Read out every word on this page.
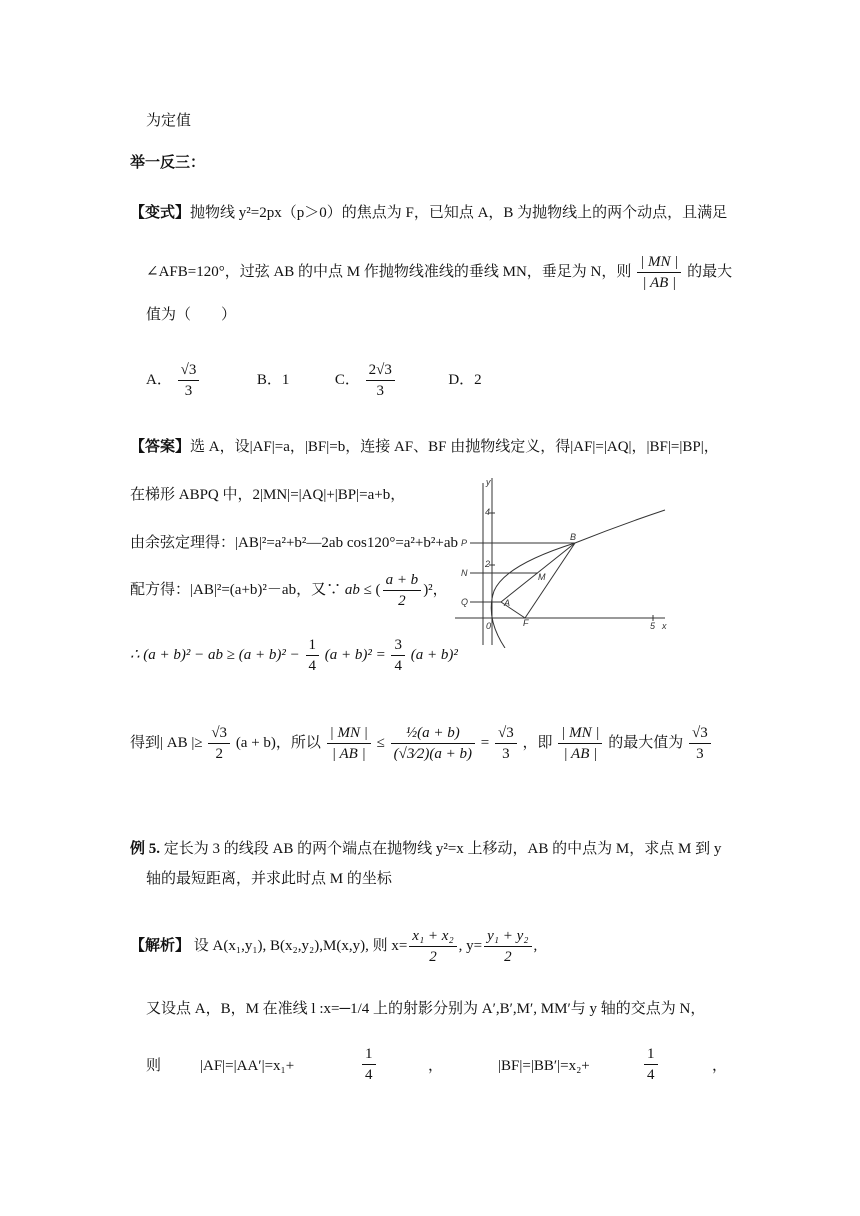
为定值
举一反三：
【变式】抛物线 y²=2px（p＞0）的焦点为 F，已知点 A，B 为抛物线上的两个动点，且满足
∠AFB=120°，过弦 AB 的中点 M 作抛物线准线的垂线 MN，垂足为 N，则 $\frac{| MN |}{| AB |}$ 的最大
值为（　　）
A． $\frac{√3}{3}$	B．1	C． $\frac{2√3}{3}$	D．2
【答案】选 A，设|AF|=a，|BF|=b，连接 AF、BF 由抛物线定义，得|AF|=|AQ|，|BF|=|BP|，
在梯形 ABPQ 中，2|MN|=|AQ|+|BP|=a+b，
由余弦定理得：|AB|²=a²+b²—2ab cos120°=a²+b²+ab
配方得：|AB|²=(a+b)²－ab，又∵ ab ≤ ( $\frac{a + b}{2} )^2$，
∴ (a + b)² − ab ≥ $(a + b)^2 - \frac{1}{4} (a + b)^2 = \frac{3}{4} (a + b)^2$
得到| AB |≥ $\frac{√3}{2} (a + b)$，所以 $\frac{| MN |}{| AB |} \le \frac{\text{½(a + b)}}{(√3⁄2)(a + b)} = \frac{√3}{3}$ ，即 $\frac{| MN |}{| AB |}$ 的最大值为 $\frac{√3}{3}$
y
x
0	5
4
2
P
N
Q
B
M
A
F
例 5. 定长为 3 的线段 AB 的两个端点在抛物线 y²=x 上移动，AB 的中点为 M，求点 M 到 y
轴的最短距离，并求此时点 M 的坐标
【解析】 设 A(x₁,y₁), B(x₂,y₂),M(x,y), 则 $x= \frac{\text{x₁ + x₂}}{2}$ , $y= \frac{\text{y₁ + y₂}}{2}$ ,
又设点 A，B，M 在准线 l :x=─1/4 上的射影分别为 A′,B′,M′, MM′与 y 轴的交点为 N，
则	|AF|=|AA′|=x₁+	$\frac{1}{4}$	，	|BF|=|BB′|=x₂+	$\frac{1}{4}$	，
